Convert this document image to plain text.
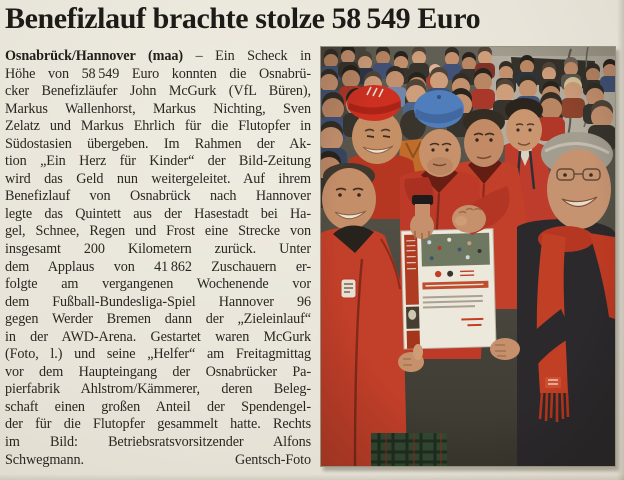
Benefizlauf brachte stolze 58 549 Euro
Osnabrück/Hannover (maa) – Ein Scheck in
Höhe von 58 549 Euro konnten die Osnabrü-
cker Benefizläufer John McGurk (VfL Büren),
Markus Wallenhorst, Markus Nichting, Sven
Zelatz und Markus Ehrlich für die Flutopfer in
Südostasien übergeben. Im Rahmen der Ak-
tion „Ein Herz für Kinder“ der Bild-Zeitung
wird das Geld nun weitergeleitet. Auf ihrem
Benefizlauf von Osnabrück nach Hannover
legte das Quintett aus der Hasestadt bei Ha-
gel, Schnee, Regen und Frost eine Strecke von
insgesamt 200 Kilometern zurück. Unter
dem Applaus von 41 862 Zuschauern er-
folgte am vergangenen Wochenende vor
dem Fußball-Bundesliga-Spiel Hannover 96
gegen Werder Bremen dann der „Zieleinlauf“
in der AWD-Arena. Gestartet waren McGurk
(Foto, l.) und seine „Helfer“ am Freitagmittag
vor dem Haupteingang der Osnabrücker Pa-
pierfabrik Ahlstrom/Kämmerer, deren Beleg-
schaft einen großen Anteil der Spendengel-
der für die Flutopfer gesammelt hatte. Rechts
im Bild: Betriebsratsvorsitzender Alfons
Schwegmann.	Gentsch-Foto
